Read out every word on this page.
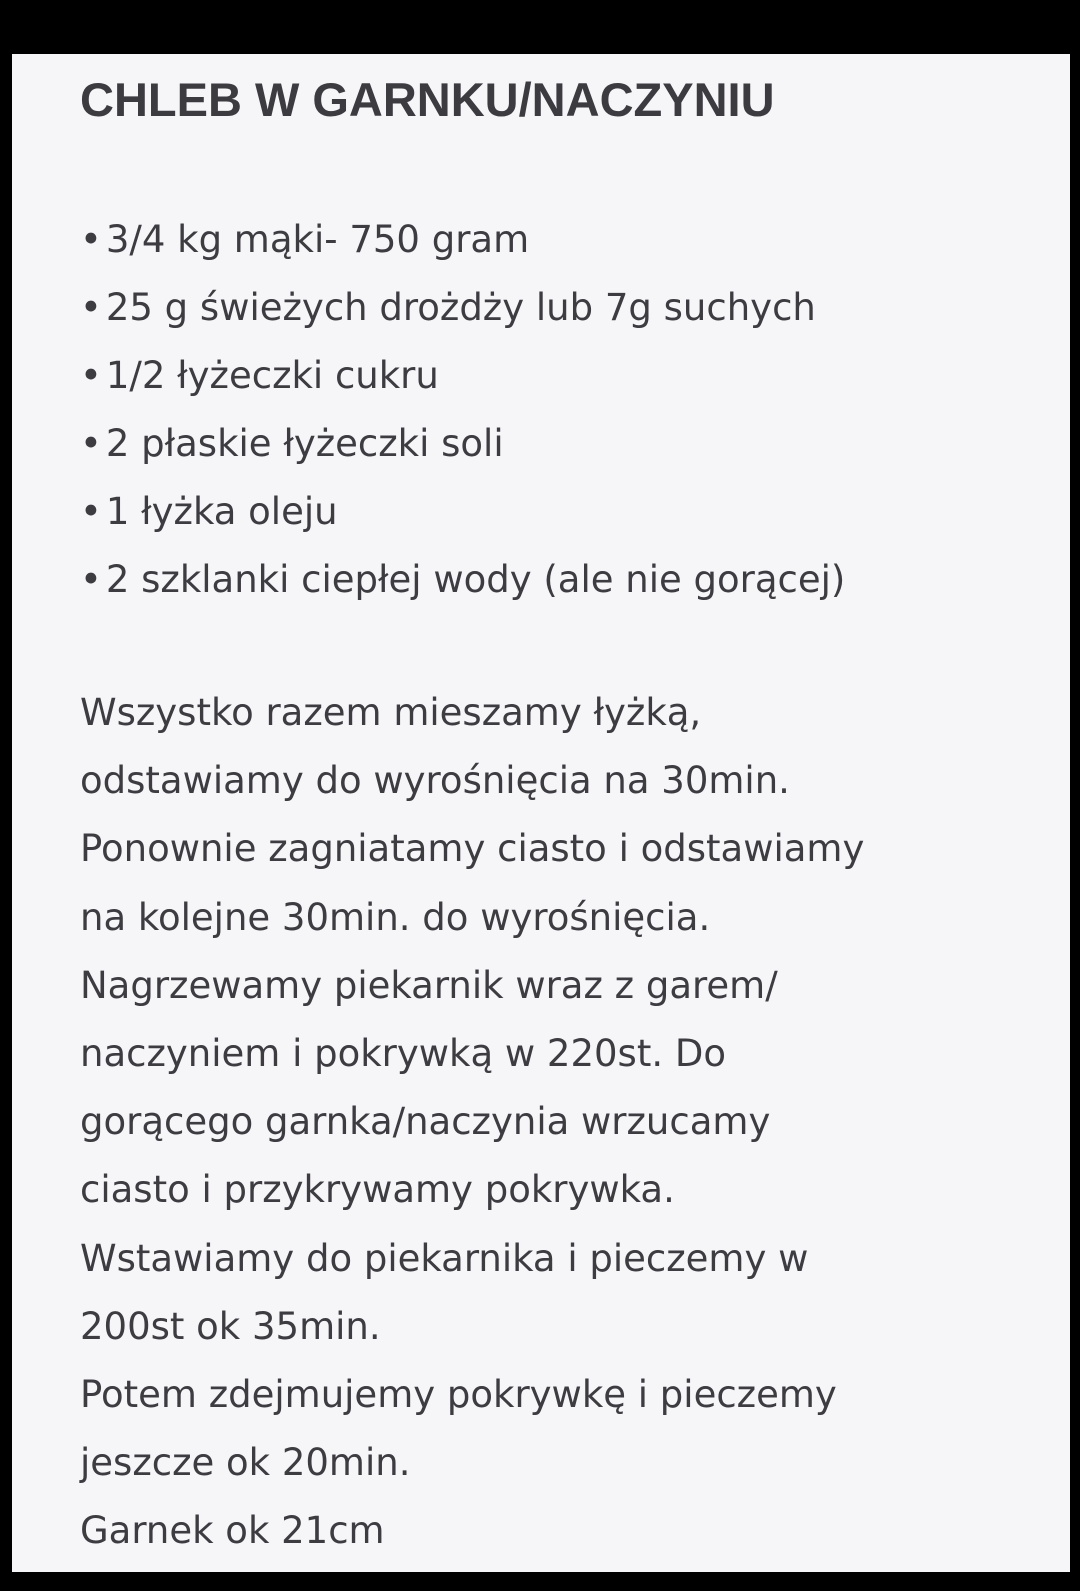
CHLEB W GARNKU/NACZYNIU
• 3/4 kg mąki- 750 gram
• 25 g świeżych drożdży lub 7g suchych
• 1/2 łyżeczki cukru
• 2 płaskie łyżeczki soli
• 1 łyżka oleju
• 2 szklanki ciepłej wody (ale nie gorącej)

Wszystko razem mieszamy łyżką,
odstawiamy do wyrośnięcia na 30min.
Ponownie zagniatamy ciasto i odstawiamy
na kolejne 30min. do wyrośnięcia.
Nagrzewamy piekarnik wraz z garem/
naczyniem i pokrywką w 220st. Do
gorącego garnka/naczynia wrzucamy
ciasto i przykrywamy pokrywka.
Wstawiamy do piekarnika i pieczemy w
200st ok 35min.
Potem zdejmujemy pokrywkę i pieczemy
jeszcze ok 20min.
Garnek ok 21cm
